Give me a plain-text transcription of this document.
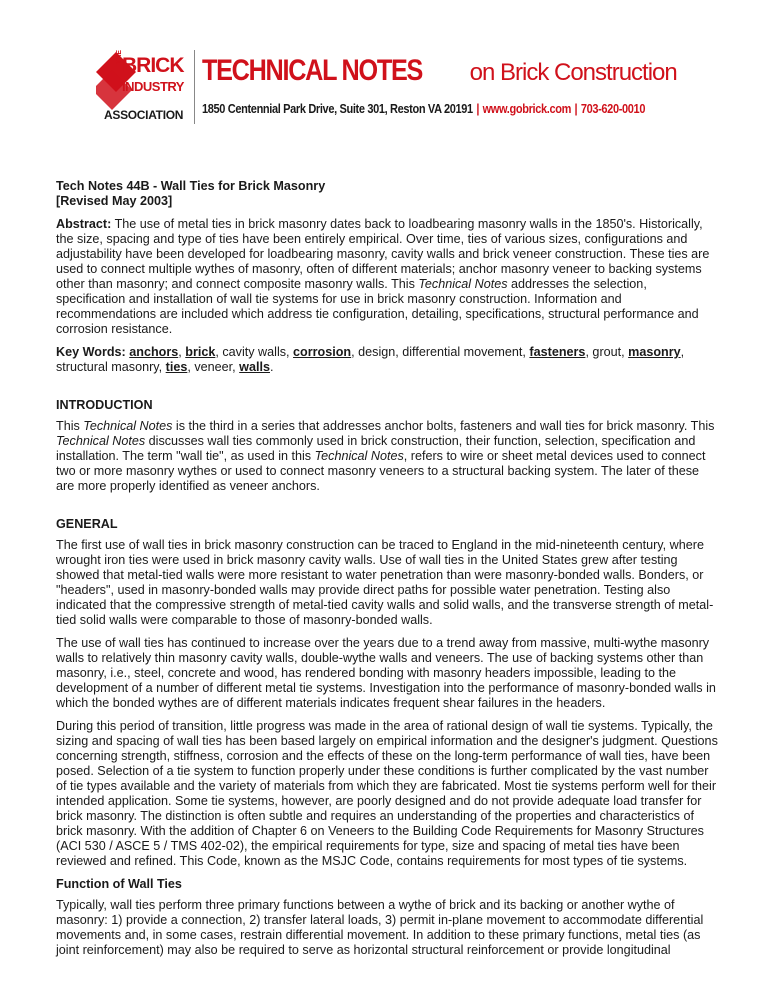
THE BRICK
INDUSTRY
ASSOCIATION
TECHNICAL NOTES on Brick Construction
1850 Centennial Park Drive, Suite 301, Reston VA 20191 | www.gobrick.com | 703-620-0010
Tech Notes 44B - Wall Ties for Brick Masonry
[Revised May 2003]

Abstract: The use of metal ties in brick masonry dates back to loadbearing masonry walls in the 1850's. Historically, the size, spacing and type of ties have been entirely empirical. Over time, ties of various sizes, configurations and adjustability have been developed for loadbearing masonry, cavity walls and brick veneer construction. These ties are used to connect multiple wythes of masonry, often of different materials; anchor masonry veneer to backing systems other than masonry; and connect composite masonry walls. This Technical Notes addresses the selection, specification and installation of wall tie systems for use in brick masonry construction. Information and recommendations are included which address tie configuration, detailing, specifications, structural performance and corrosion resistance.

Key Words: anchors, brick, cavity walls, corrosion, design, differential movement, fasteners, grout, masonry, structural masonry, ties, veneer, walls.

INTRODUCTION

This Technical Notes is the third in a series that addresses anchor bolts, fasteners and wall ties for brick masonry. This Technical Notes discusses wall ties commonly used in brick construction, their function, selection, specification and installation. The term "wall tie", as used in this Technical Notes, refers to wire or sheet metal devices used to connect two or more masonry wythes or used to connect masonry veneers to a structural backing system. The later of these are more properly identified as veneer anchors.

GENERAL

The first use of wall ties in brick masonry construction can be traced to England in the mid-nineteenth century, where wrought iron ties were used in brick masonry cavity walls. Use of wall ties in the United States grew after testing showed that metal-tied walls were more resistant to water penetration than were masonry-bonded walls. Bonders, or "headers", used in masonry-bonded walls may provide direct paths for possible water penetration. Testing also indicated that the compressive strength of metal-tied cavity walls and solid walls, and the transverse strength of metal-tied solid walls were comparable to those of masonry-bonded walls.

The use of wall ties has continued to increase over the years due to a trend away from massive, multi-wythe masonry walls to relatively thin masonry cavity walls, double-wythe walls and veneers. The use of backing systems other than masonry, i.e., steel, concrete and wood, has rendered bonding with masonry headers impossible, leading to the development of a number of different metal tie systems. Investigation into the performance of masonry-bonded walls in which the bonded wythes are of different materials indicates frequent shear failures in the headers.

During this period of transition, little progress was made in the area of rational design of wall tie systems. Typically, the sizing and spacing of wall ties has been based largely on empirical information and the designer's judgment. Questions concerning strength, stiffness, corrosion and the effects of these on the long-term performance of wall ties, have been posed. Selection of a tie system to function properly under these conditions is further complicated by the vast number of tie types available and the variety of materials from which they are fabricated. Most tie systems perform well for their intended application. Some tie systems, however, are poorly designed and do not provide adequate load transfer for brick masonry. The distinction is often subtle and requires an understanding of the properties and characteristics of brick masonry. With the addition of Chapter 6 on Veneers to the Building Code Requirements for Masonry Structures (ACI 530 / ASCE 5 / TMS 402-02), the empirical requirements for type, size and spacing of metal ties have been reviewed and refined. This Code, known as the MSJC Code, contains requirements for most types of tie systems.

Function of Wall Ties

Typically, wall ties perform three primary functions between a wythe of brick and its backing or another wythe of masonry: 1) provide a connection, 2) transfer lateral loads, 3) permit in-plane movement to accommodate differential movements and, in some cases, restrain differential movement. In addition to these primary functions, metal ties (as joint reinforcement) may also be required to serve as horizontal structural reinforcement or provide longitudinal
